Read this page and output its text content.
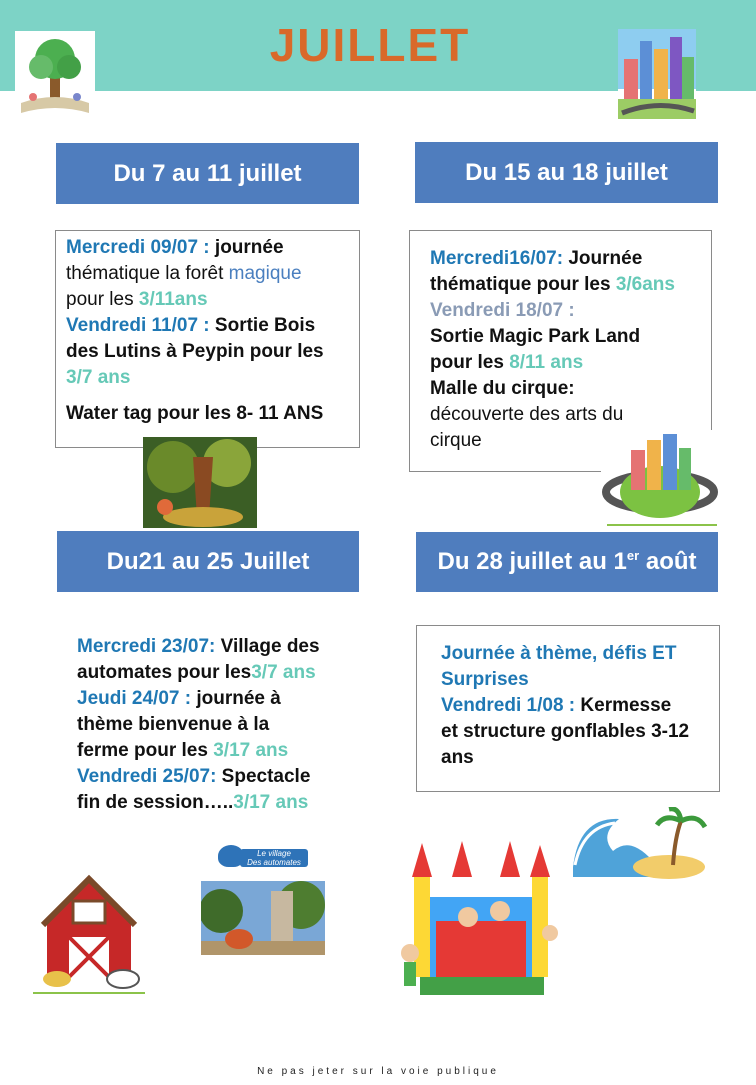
JUILLET
Du 7 au 11 juillet
Mercredi 09/07 : journée
thématique la forêt magique
pour les 3/11ans
Vendredi 11/07 : Sortie Bois
des Lutins à Peypin pour les
3/7 ans
Water tag pour les 8- 11 ANS
Du 15 au 18 juillet
Mercredi16/07: Journée
thématique pour les 3/6ans
Vendredi 18/07 :
Sortie Magic Park Land
pour les 8/11 ans
Malle du cirque:
découverte des arts du
cirque
Du21 au 25 Juillet
Mercredi 23/07: Village des
automates pour les3/7 ans
Jeudi 24/07 : journée à
thème bienvenue à la
ferme pour les 3/17 ans
Vendredi 25/07: Spectacle
fin de session…..3/17 ans
Le village
Des automates
Du 28 juillet au 1er août
Journée à thème, défis ET
Surprises
Vendredi 1/08 : Kermesse
et structure gonflables 3-12
ans
Ne pas jeter sur la voie publique
